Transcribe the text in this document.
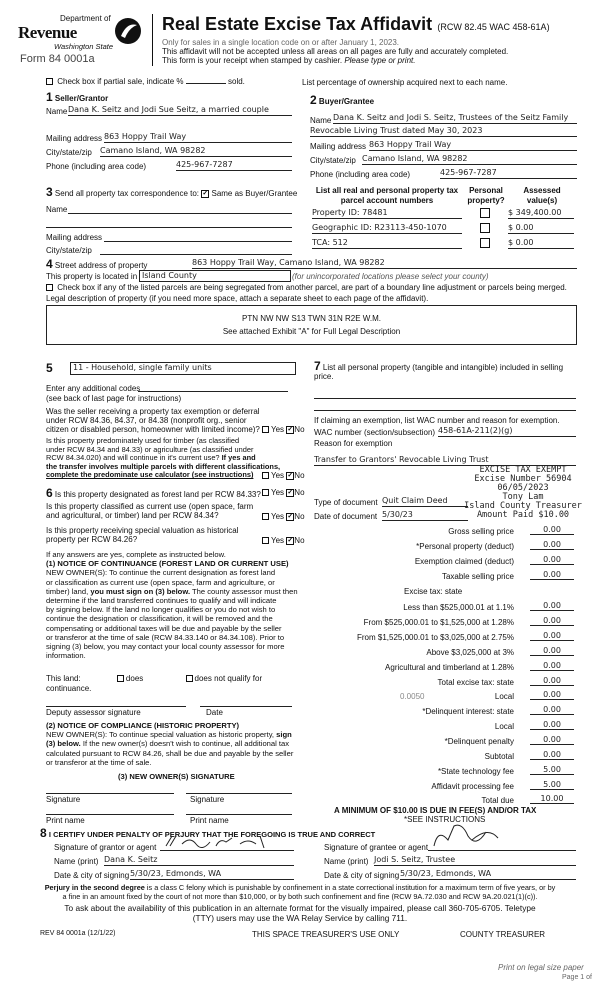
Department of
Revenue
Washington State
Form 84 0001a
Real Estate Excise Tax Affidavit (RCW 82.45 WAC 458-61A)
Only for sales in a single location code on or after January 1, 2023.
This affidavit will not be accepted unless all areas on all pages are fully and accurately completed.
This form is your receipt when stamped by cashier. Please type or print.
Check box if partial sale, indicate %	sold.	List percentage of ownership acquired next to each name.
1 Seller/Grantor
Name Dana K. Seitz and Jodi Sue Seitz, a married couple
Mailing address 863 Hoppy Trail Way
City/state/zip Camano Island, WA 98282
Phone (including area code)	425-967-7287
2 Buyer/Grantee
Name Dana K. Seitz and Jodi S. Seitz, Trustees of the Seitz Family
Revocable Living Trust dated May 30, 2023
Mailing address 863 Hoppy Trail Way
City/state/zip Camano Island, WA 98282
Phone (including area code)	425-967-7287
3 Send all property tax correspondence to: ✓ Same as Buyer/Grantee
Name
Mailing address
City/state/zip
List all real and personal property tax
parcel account numbers
Personal
property?
Assessed
value(s)
Property ID: 78481	$ 349,400.00
Geographic ID: R23113-450-1070	$ 0.00
TCA: 512	$ 0.00
4 Street address of property	863 Hoppy Trail Way, Camano Island, WA 98282
This property is located in Island County	(for unincorporated locations please select your county)
Check box if any of the listed parcels are being segregated from another parcel, are part of a boundary line adjustment or parcels being merged.
Legal description of property (if you need more space, attach a separate sheet to each page of the affidavit).
PTN NW NW S13 TWN 31N R2E W.M.
See attached Exhibit "A" for Full Legal Description
5	11 - Household, single family units
Enter any additional codes
(see back of last page for instructions)
Was the seller receiving a property tax exemption or deferral
under RCW 84.36, 84.37, or 84.38 (nonprofit org., senior
citizen or disabled person, homeowner with limited income)?	Yes ✓No
Is this property predominately used for timber (as classified
under RCW 84.34 and 84.33) or agriculture (as classified under
RCW 84.34.020) and will continue in it's current use? If yes and
the transfer involves multiple parcels with different classifications,
complete the predominate use calculator (see instructions)	Yes ✓No
6 Is this property designated as forest land per RCW 84.33?	Yes ✓No
Is this property classified as current use (open space, farm
and agricultural, or timber) land per RCW 84.34?	Yes ✓No
Is this property receiving special valuation as historical
property per RCW 84.26?	Yes ✓No
If any answers are yes, complete as instructed below.
(1) NOTICE OF CONTINUANCE (FOREST LAND OR CURRENT USE)
NEW OWNER(S): To continue the current designation as forest land
or classification as current use (open space, farm and agriculture, or
timber) land, you must sign on (3) below. The county assessor must then
determine if the land transferred continues to qualify and will indicate
by signing below. If the land no longer qualifies or you do not wish to
continue the designation or classification, it will be removed and the
compensating or additional taxes will be due and payable by the seller
or transferor at the time of sale (RCW 84.33.140 or 84.34.108). Prior to
signing (3) below, you may contact your local county assessor for more
information.
This land:	does	does not qualify for
continuance.
Deputy assessor signature	Date
(2) NOTICE OF COMPLIANCE (HISTORIC PROPERTY)
NEW OWNER(S): To continue special valuation as historic property, sign
(3) below. If the new owner(s) doesn't wish to continue, all additional tax
calculated pursuant to RCW 84.26, shall be due and payable by the seller
or transferor at the time of sale.
(3) NEW OWNER(S) SIGNATURE
Signature	Signature
Print name	Print name
7 List all personal property (tangible and intangible) included in selling price.
If claiming an exemption, list WAC number and reason for exemption.
WAC number (section/subsection) 458-61A-211(2)(g)
Reason for exemption
Transfer to Grantors' Revocable Living Trust
EXCISE TAX EXEMPT
Excise Number 56904
06/05/2023
Tony Lam
Island County Treasurer
Amount Paid $10.00
Type of document Quit Claim Deed
Date of document 5/30/23
Gross selling price	0.00
*Personal property (deduct)	0.00
Exemption claimed (deduct)	0.00
Taxable selling price	0.00
Excise tax: state
Less than $525,000.01 at 1.1%	0.00
From $525,000.01 to $1,525,000 at 1.28%	0.00
From $1,525,000.01 to $3,025,000 at 2.75%	0.00
Above $3,025,000 at 3%	0.00
Agricultural and timberland at 1.28%	0.00
Total excise tax: state	0.00
0.0050	Local	0.00
*Delinquent interest: state	0.00
Local	0.00
*Delinquent penalty	0.00
Subtotal	0.00
*State technology fee	5.00
Affidavit processing fee	5.00
Total due	10.00
A MINIMUM OF $10.00 IS DUE IN FEE(S) AND/OR TAX
*SEE INSTRUCTIONS
8 I CERTIFY UNDER PENALTY OF PERJURY THAT THE FOREGOING IS TRUE AND CORRECT
Signature of grantor or agent
Name (print) Dana K. Seitz
Date & city of signing 5/30/23, Edmonds, WA
Signature of grantee or agent
Name (print) Jodi S. Seitz, Trustee
Date & city of signing 5/30/23, Edmonds, WA
Perjury in the second degree is a class C felony which is punishable by confinement in a state correctional institution for a maximum term of five years, or by
a fine in an amount fixed by the court of not more than $10,000, or by both such confinement and fine (RCW 9A.72.030 and RCW 9A.20.021(1)(c)).
To ask about the availability of this publication in an alternate format for the visually impaired, please call 360-705-6705. Teletype
(TTY) users may use the WA Relay Service by calling 711.
REV 84 0001a (12/1/22)	THIS SPACE TREASURER'S USE ONLY	COUNTY TREASURER
Print on legal size paper
Page 1 of
